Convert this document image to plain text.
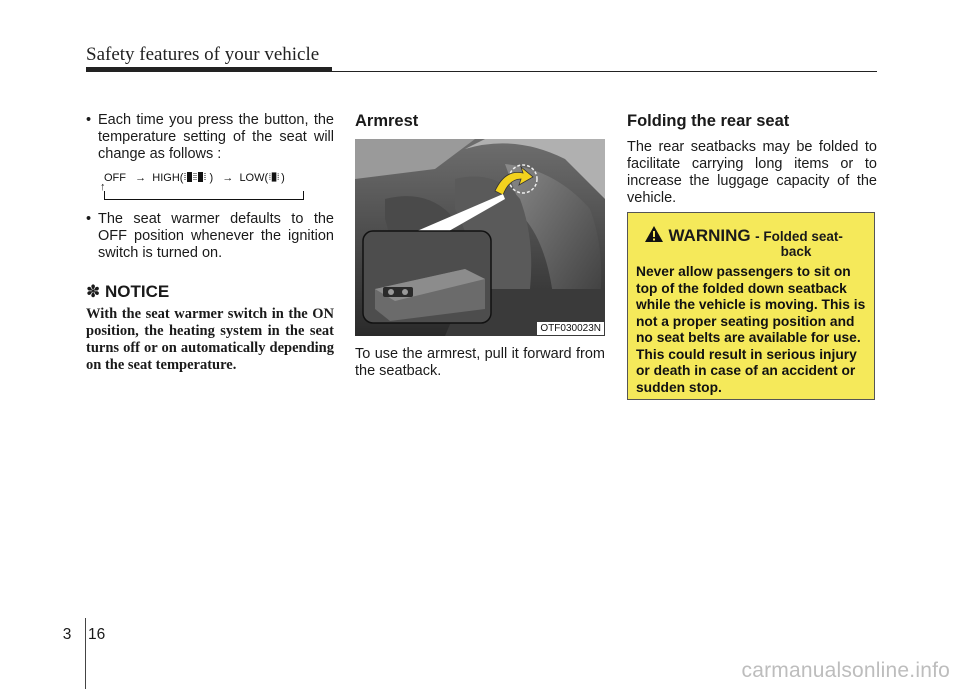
Safety features of your vehicle

• Each time you press the button, the temperature setting of the seat will change as follows :

OFF → HIGH( ) → LOW( )
↑

• The seat warmer defaults to the OFF position whenever the ignition switch is turned on.

✽ NOTICE

With the seat warmer switch in the ON position, the heating system in the seat turns off or on automatically depending on the seat temperature.

Armrest
OTF030023N

To use the armrest, pull it forward from the seatback.

Folding the rear seat

The rear seatbacks may be folded to facilitate carrying long items or to increase the luggage capacity of the vehicle.

WARNING - Folded seat-
back

Never allow passengers to sit on top of the folded down seatback while the vehicle is moving. This is not a proper seating position and no seat belts are available for use. This could result in serious injury or death in case of an accident or sudden stop.

3	16
carmanualsonline.info
